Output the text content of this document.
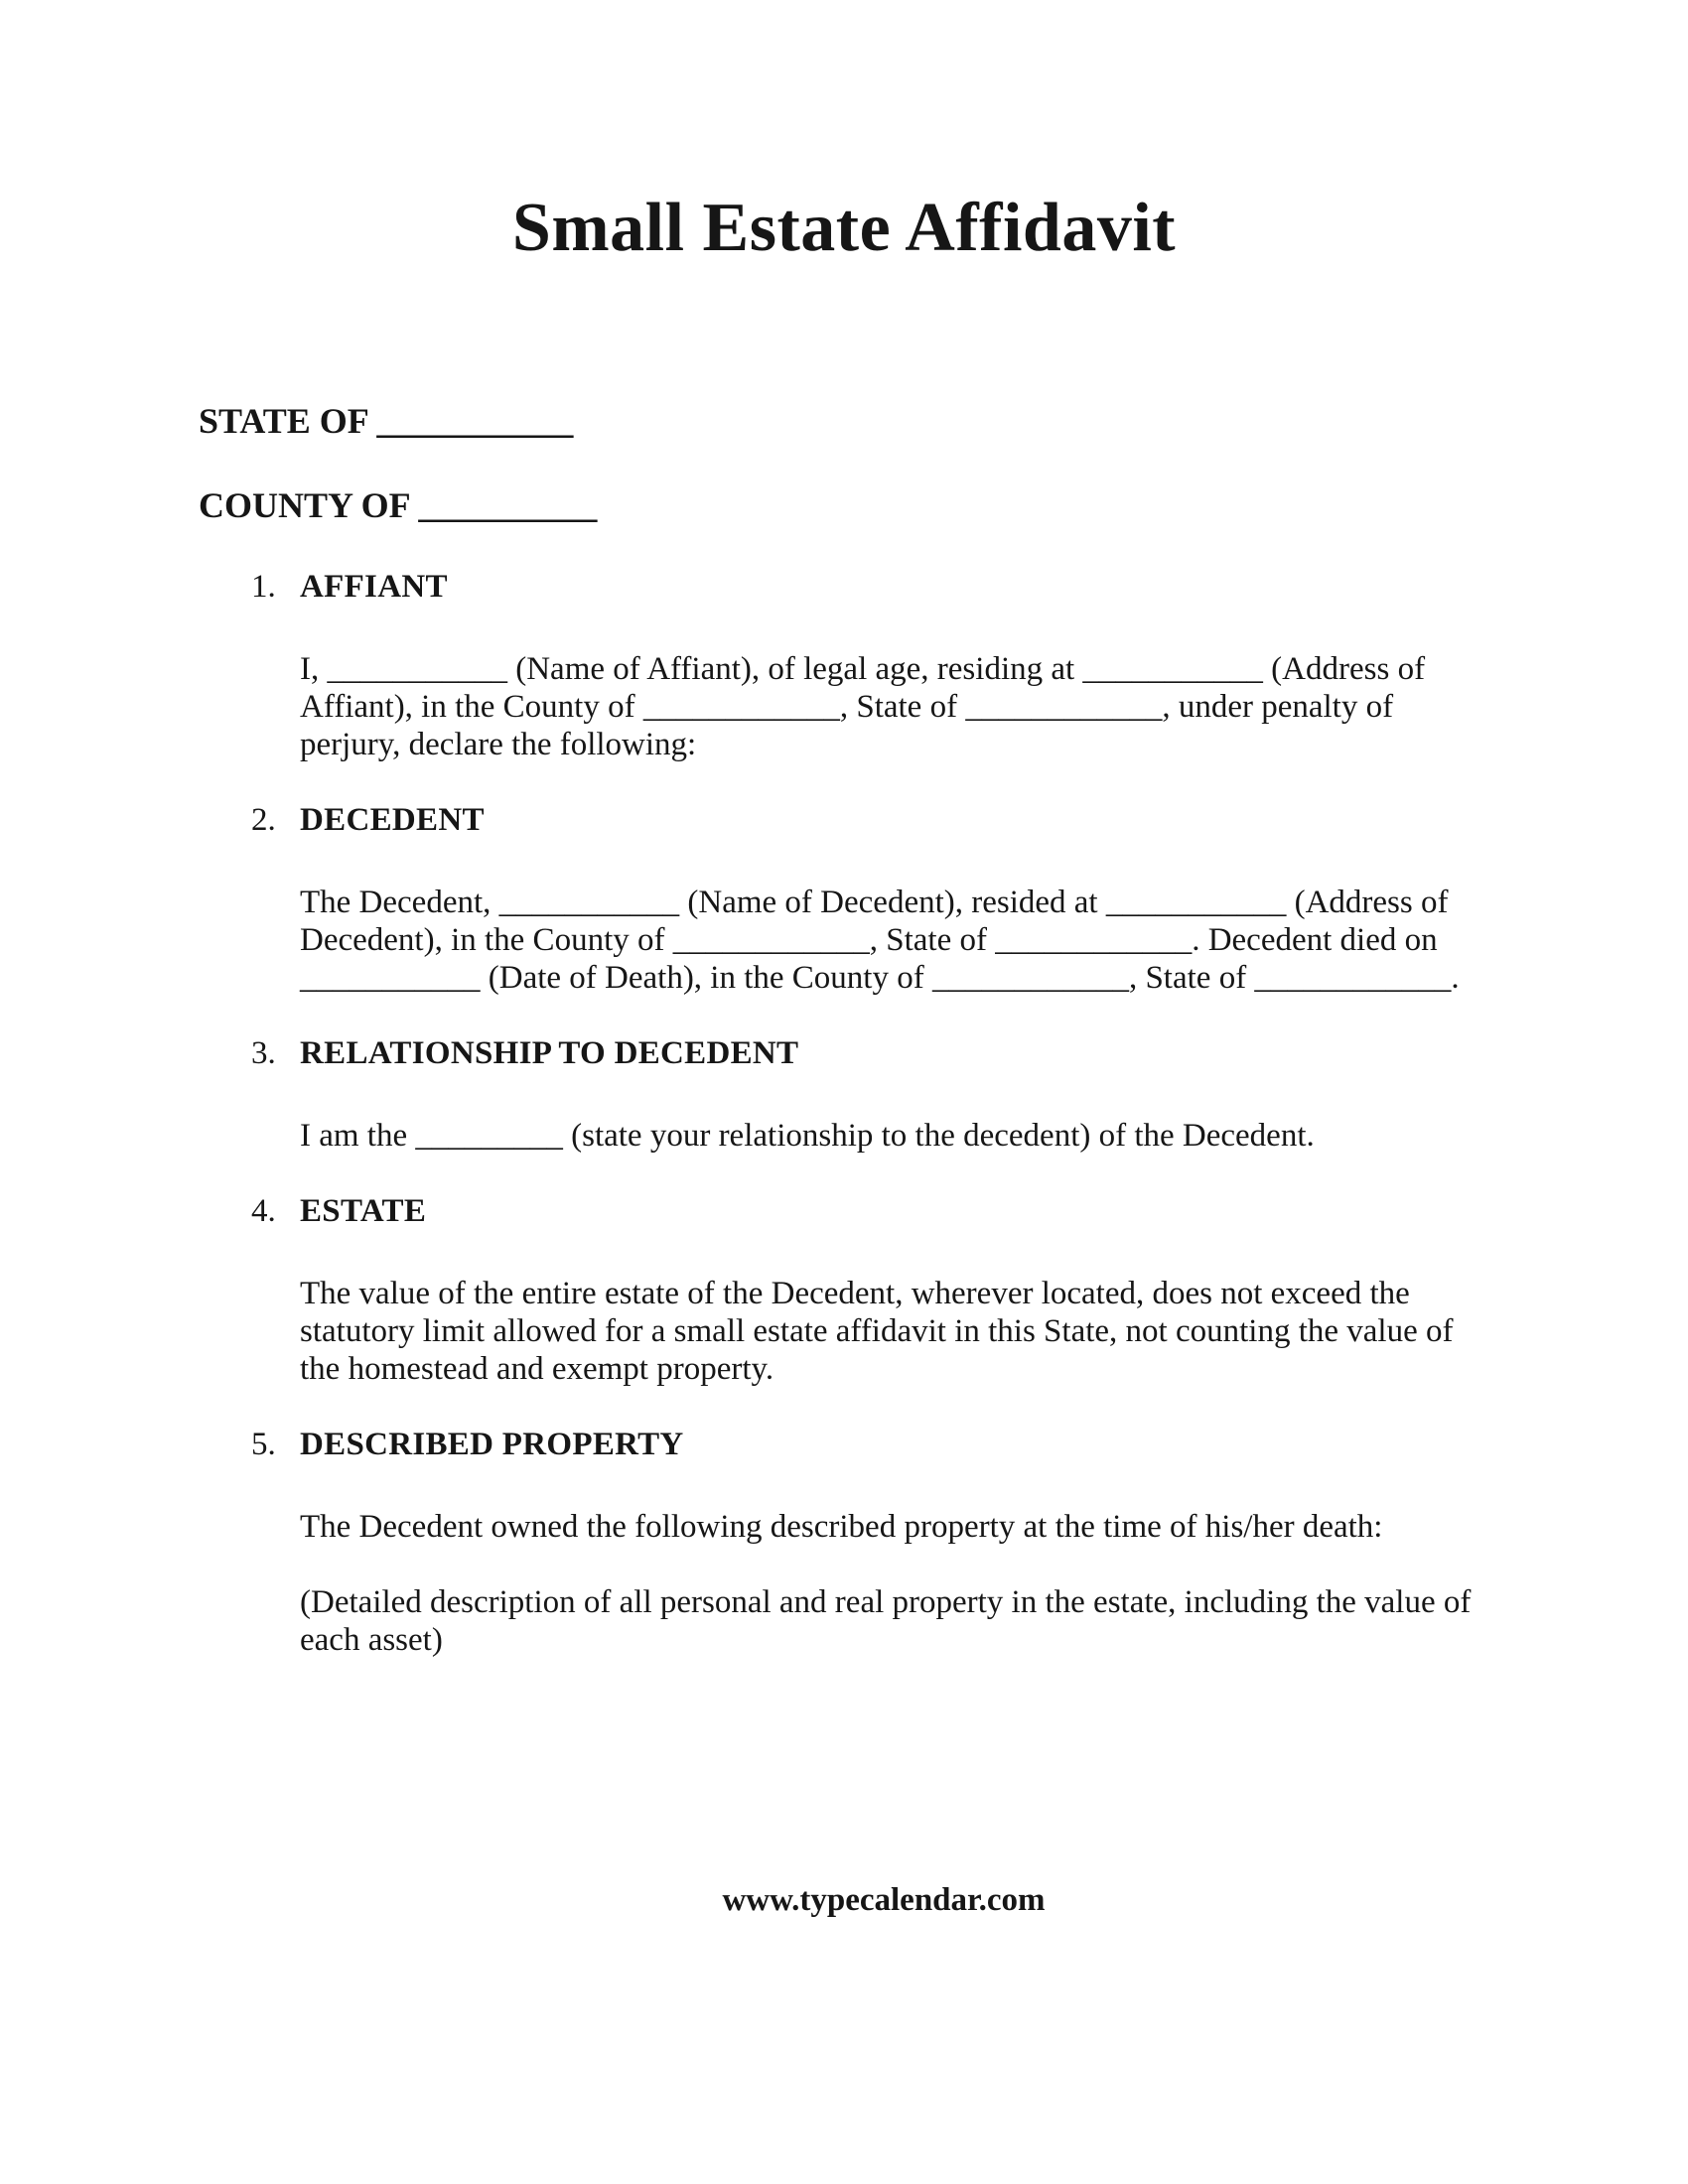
Small Estate Affidavit
STATE OF ___________
COUNTY OF __________
1. AFFIANT

I, ___________ (Name of Affiant), of legal age, residing at ___________ (Address of Affiant), in the County of ____________, State of ____________, under penalty of perjury, declare the following:

2. DECEDENT

The Decedent, ___________ (Name of Decedent), resided at ___________ (Address of Decedent), in the County of ____________, State of ____________. Decedent died on ___________ (Date of Death), in the County of ____________, State of ____________.

3. RELATIONSHIP TO DECEDENT

I am the _________ (state your relationship to the decedent) of the Decedent.

4. ESTATE

The value of the entire estate of the Decedent, wherever located, does not exceed the statutory limit allowed for a small estate affidavit in this State, not counting the value of the homestead and exempt property.

5. DESCRIBED PROPERTY

The Decedent owned the following described property at the time of his/her death:

(Detailed description of all personal and real property in the estate, including the value of each asset)

www.typecalendar.com
